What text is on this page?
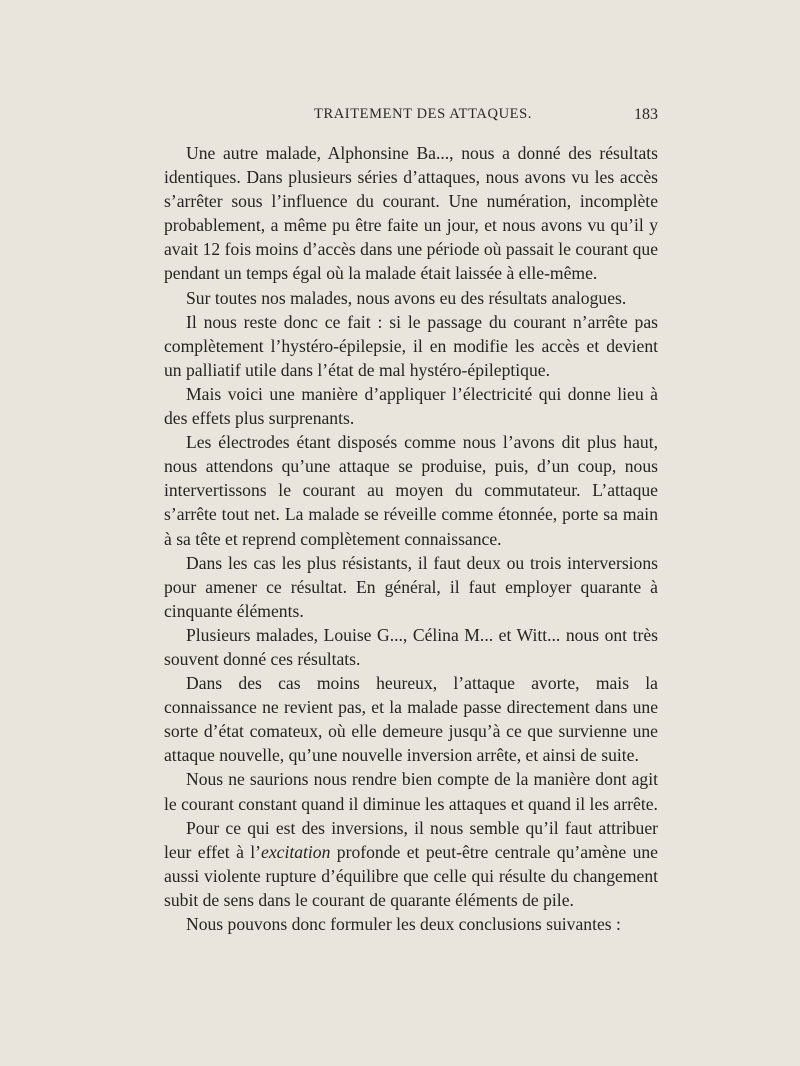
TRAITEMENT DES ATTAQUES.	183

Une autre malade, Alphonsine Ba..., nous a donné des résultats identiques. Dans plusieurs séries d’attaques, nous avons vu les accès s’arrêter sous l’influence du courant. Une numération, incomplète probablement, a même pu être faite un jour, et nous avons vu qu’il y avait 12 fois moins d’accès dans une période où passait le courant que pendant un temps égal où la malade était laissée à elle-même.

Sur toutes nos malades, nous avons eu des résultats analogues.

Il nous reste donc ce fait : si le passage du courant n’arrête pas complètement l’hystéro-épilepsie, il en modifie les accès et devient un palliatif utile dans l’état de mal hystéro-épileptique.

Mais voici une manière d’appliquer l’électricité qui donne lieu à des effets plus surprenants.

Les électrodes étant disposés comme nous l’avons dit plus haut, nous attendons qu’une attaque se produise, puis, d’un coup, nous intervertissons le courant au moyen du commutateur. L’attaque s’arrête tout net. La malade se réveille comme étonnée, porte sa main à sa tête et reprend complètement connaissance.

Dans les cas les plus résistants, il faut deux ou trois interversions pour amener ce résultat. En général, il faut employer quarante à cinquante éléments.

Plusieurs malades, Louise G..., Célina M... et Witt... nous ont très souvent donné ces résultats.

Dans des cas moins heureux, l’attaque avorte, mais la connaissance ne revient pas, et la malade passe directement dans une sorte d’état comateux, où elle demeure jusqu’à ce que survienne une attaque nouvelle, qu’une nouvelle inversion arrête, et ainsi de suite.

Nous ne saurions nous rendre bien compte de la manière dont agit le courant constant quand il diminue les attaques et quand il les arrête.

Pour ce qui est des inversions, il nous semble qu’il faut attribuer leur effet à l’excitation profonde et peut-être centrale qu’amène une aussi violente rupture d’équilibre que celle qui résulte du changement subit de sens dans le courant de quarante éléments de pile.

Nous pouvons donc formuler les deux conclusions suivantes :
